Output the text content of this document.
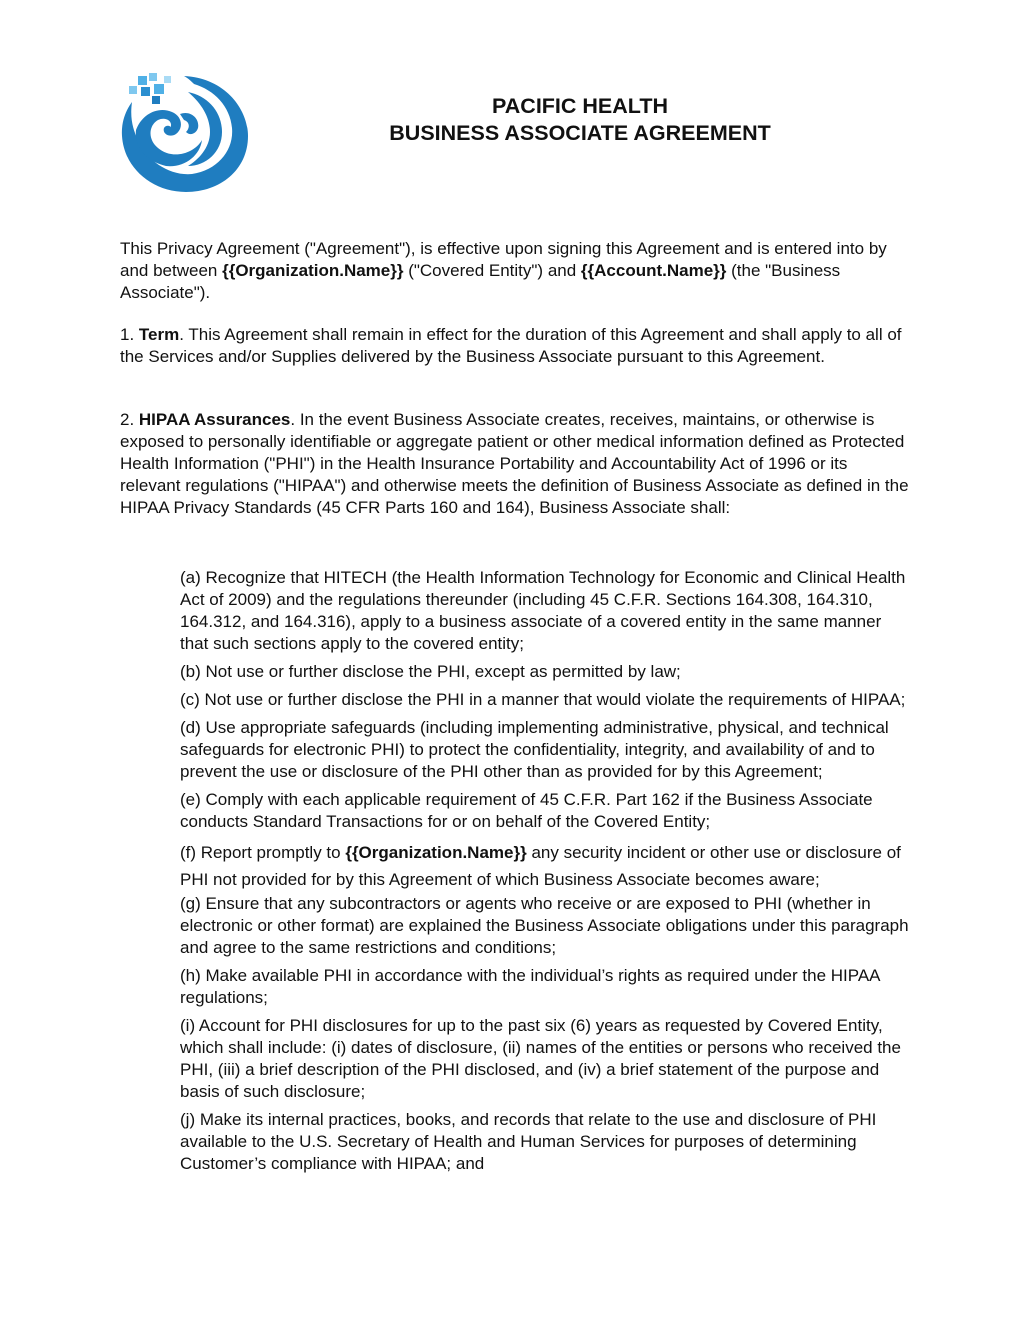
PACIFIC HEALTH
BUSINESS ASSOCIATE AGREEMENT
This Privacy Agreement ("Agreement"), is effective upon signing this Agreement and is entered into by and between {{Organization.Name}} ("Covered Entity") and {{Account.Name}} (the "Business Associate").
1. Term. This Agreement shall remain in effect for the duration of this Agreement and shall apply to all of the Services and/or Supplies delivered by the Business Associate pursuant to this Agreement.
2. HIPAA Assurances. In the event Business Associate creates, receives, maintains, or otherwise is exposed to personally identifiable or aggregate patient or other medical information defined as Protected Health Information ("PHI") in the Health Insurance Portability and Accountability Act of 1996 or its relevant regulations ("HIPAA") and otherwise meets the definition of Business Associate as defined in the HIPAA Privacy Standards (45 CFR Parts 160 and 164), Business Associate shall:
(a) Recognize that HITECH (the Health Information Technology for Economic and Clinical Health Act of 2009) and the regulations thereunder (including 45 C.F.R. Sections 164.308, 164.310, 164.312, and 164.316), apply to a business associate of a covered entity in the same manner that such sections apply to the covered entity;
(b) Not use or further disclose the PHI, except as permitted by law;
(c) Not use or further disclose the PHI in a manner that would violate the requirements of HIPAA;
(d) Use appropriate safeguards (including implementing administrative, physical, and technical safeguards for electronic PHI) to protect the confidentiality, integrity, and availability of and to prevent the use or disclosure of the PHI other than as provided for by this Agreement;
(e) Comply with each applicable requirement of 45 C.F.R. Part 162 if the Business Associate conducts Standard Transactions for or on behalf of the Covered Entity;
(f) Report promptly to {{Organization.Name}} any security incident or other use or disclosure of PHI not provided for by this Agreement of which Business Associate becomes aware;
(g) Ensure that any subcontractors or agents who receive or are exposed to PHI (whether in electronic or other format) are explained the Business Associate obligations under this paragraph and agree to the same restrictions and conditions;
(h) Make available PHI in accordance with the individual’s rights as required under the HIPAA regulations;
(i) Account for PHI disclosures for up to the past six (6) years as requested by Covered Entity, which shall include: (i) dates of disclosure, (ii) names of the entities or persons who received the PHI, (iii) a brief description of the PHI disclosed, and (iv) a brief statement of the purpose and basis of such disclosure;
(j) Make its internal practices, books, and records that relate to the use and disclosure of PHI available to the U.S. Secretary of Health and Human Services for purposes of determining Customer’s compliance with HIPAA; and
